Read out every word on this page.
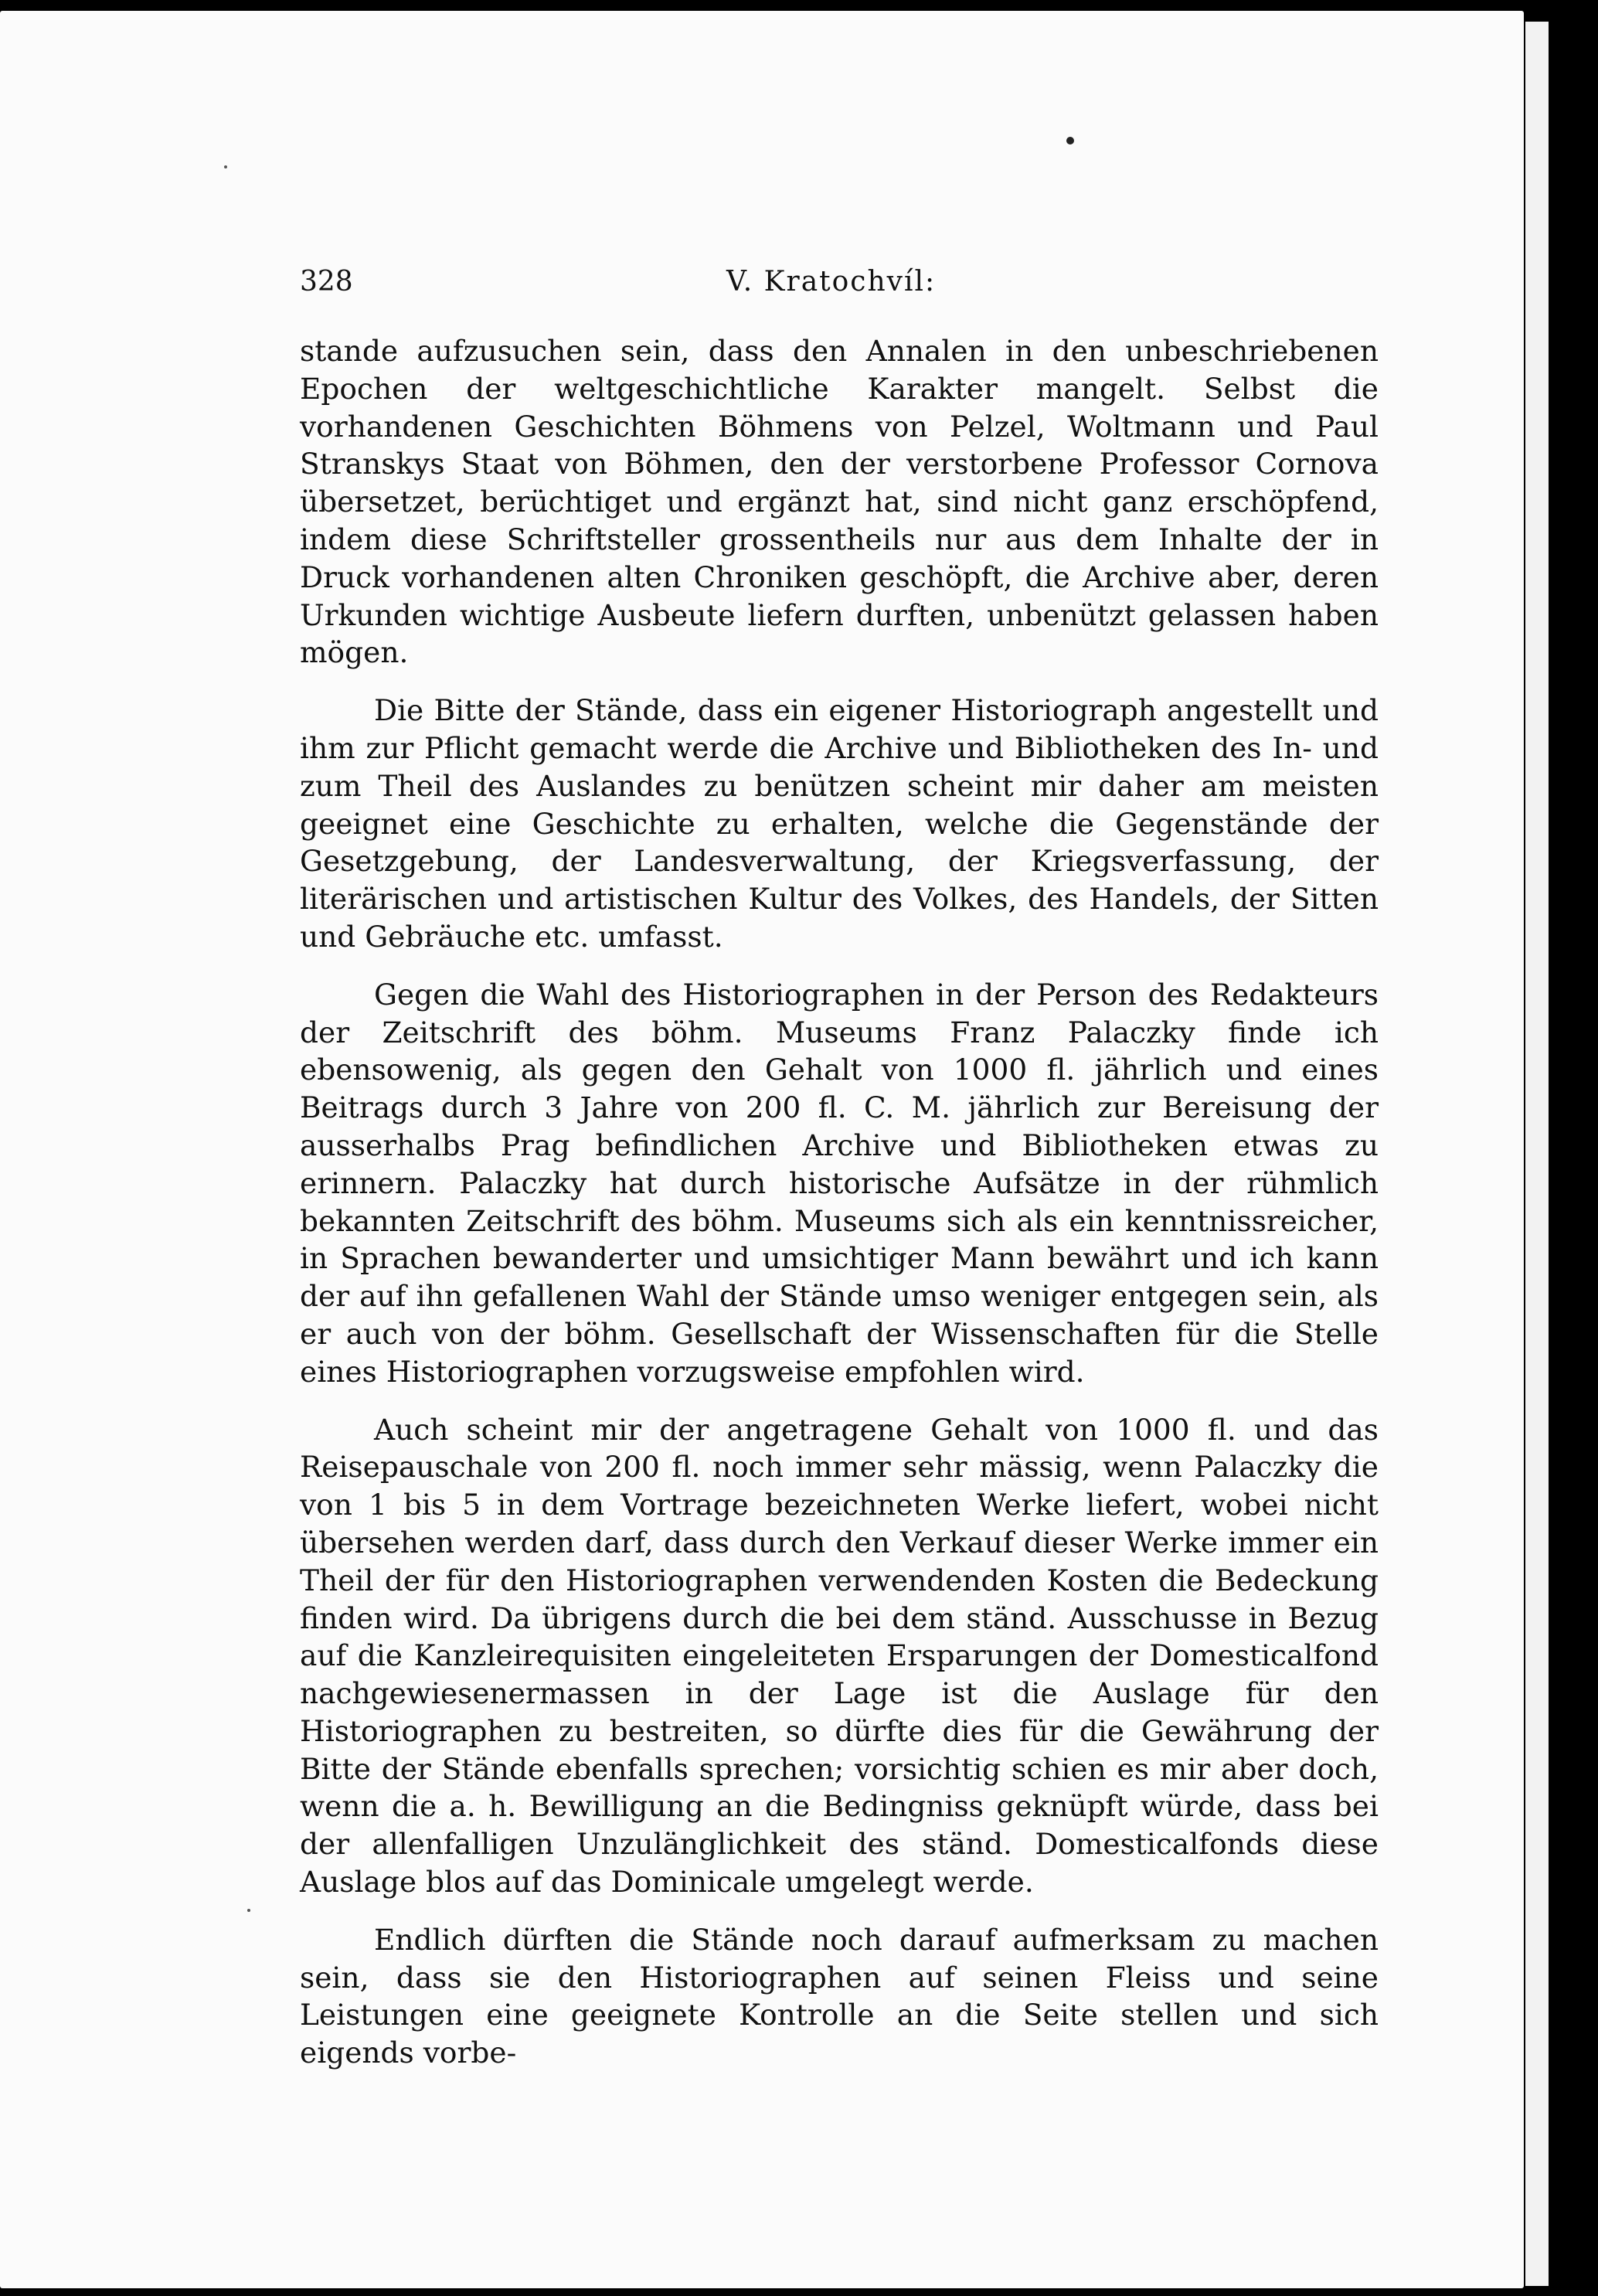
328	V. Kratochvíl:

stande aufzusuchen sein, dass den Annalen in den unbeschriebenen Epochen der weltgeschichtliche Karakter mangelt. Selbst die vorhandenen Geschichten Böhmens von Pelzel, Woltmann und Paul Stranskys Staat von Böhmen, den der verstorbene Professor Cornova übersetzet, berüchtiget und ergänzt hat, sind nicht ganz erschöpfend, indem diese Schriftsteller grossentheils nur aus dem Inhalte der in Druck vorhandenen alten Chroniken geschöpft, die Archive aber, deren Urkunden wichtige Ausbeute liefern durften, unbenützt gelassen haben mögen.

Die Bitte der Stände, dass ein eigener Historiograph angestellt und ihm zur Pflicht gemacht werde die Archive und Bibliotheken des In- und zum Theil des Auslandes zu benützen scheint mir daher am meisten geeignet eine Geschichte zu erhalten, welche die Gegenstände der Gesetzgebung, der Landesverwaltung, der Kriegsverfassung, der literärischen und artistischen Kultur des Volkes, des Handels, der Sitten und Gebräuche etc. umfasst.

Gegen die Wahl des Historiographen in der Person des Redakteurs der Zeitschrift des böhm. Museums Franz Palaczky finde ich ebensowenig, als gegen den Gehalt von 1000 fl. jährlich und eines Beitrags durch 3 Jahre von 200 fl. C. M. jährlich zur Bereisung der ausserhalbs Prag befindlichen Archive und Bibliotheken etwas zu erinnern. Palaczky hat durch historische Aufsätze in der rühmlich bekannten Zeitschrift des böhm. Museums sich als ein kenntnissreicher, in Sprachen bewanderter und umsichtiger Mann bewährt und ich kann der auf ihn gefallenen Wahl der Stände umso weniger entgegen sein, als er auch von der böhm. Gesellschaft der Wissenschaften für die Stelle eines Historiographen vorzugsweise empfohlen wird.

Auch scheint mir der angetragene Gehalt von 1000 fl. und das Reisepauschale von 200 fl. noch immer sehr mässig, wenn Palaczky die von 1 bis 5 in dem Vortrage bezeichneten Werke liefert, wobei nicht übersehen werden darf, dass durch den Verkauf dieser Werke immer ein Theil der für den Historiographen verwendenden Kosten die Bedeckung finden wird. Da übrigens durch die bei dem ständ. Ausschusse in Bezug auf die Kanzleirequisiten eingeleiteten Ersparungen der Domesticalfond nachgewiesenermassen in der Lage ist die Auslage für den Historiographen zu bestreiten, so dürfte dies für die Gewährung der Bitte der Stände ebenfalls sprechen; vorsichtig schien es mir aber doch, wenn die a. h. Bewilligung an die Bedingniss geknüpft würde, dass bei der allenfalligen Unzulänglichkeit des ständ. Domesticalfonds diese Auslage blos auf das Dominicale umgelegt werde.

Endlich dürften die Stände noch darauf aufmerksam zu machen sein, dass sie den Historiographen auf seinen Fleiss und seine Leistungen eine geeignete Kontrolle an die Seite stellen und sich eigends vorbe-
